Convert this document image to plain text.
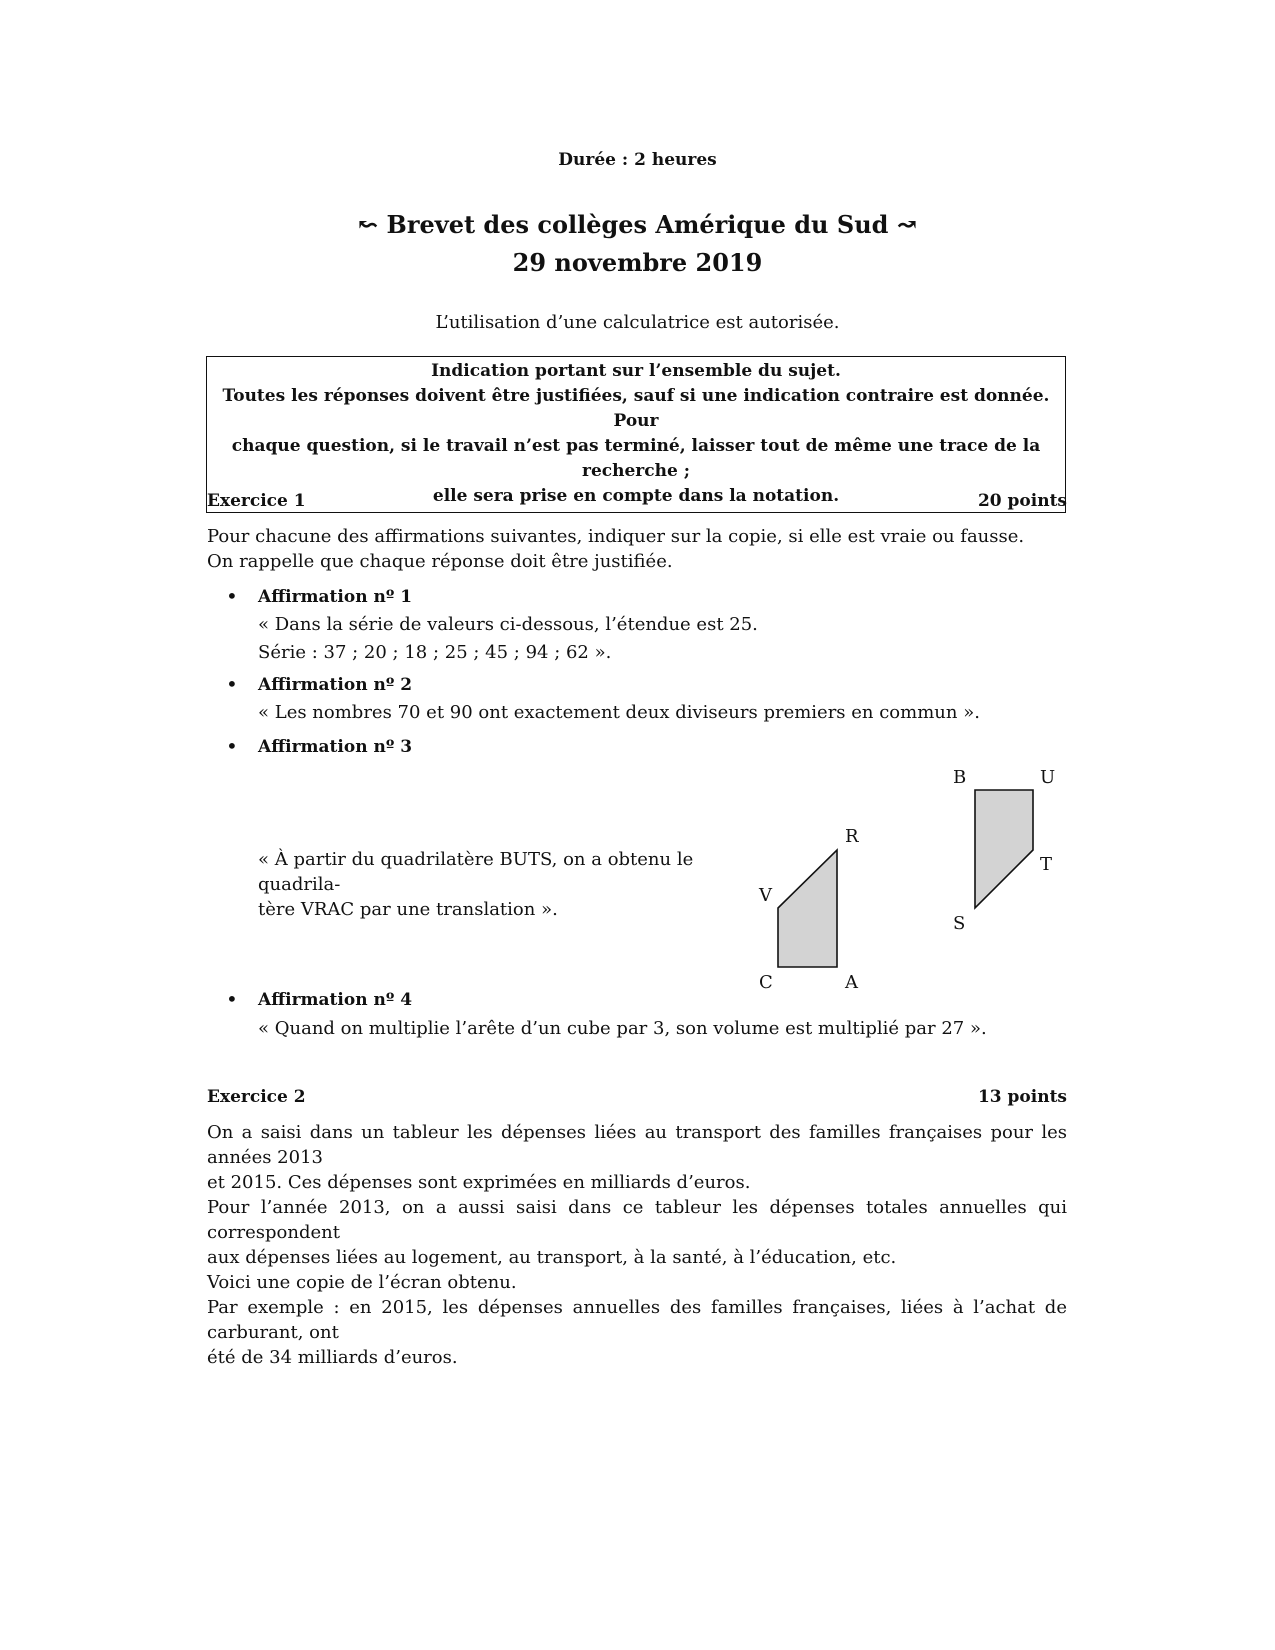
Durée : 2 heures
↜ Brevet des collèges Amérique du Sud ↝
29 novembre 2019
L’utilisation d’une calculatrice est autorisée.
Indication portant sur l’ensemble du sujet.
Toutes les réponses doivent être justifiées, sauf si une indication contraire est donnée. Pour
chaque question, si le travail n’est pas terminé, laisser tout de même une trace de la recherche ;
elle sera prise en compte dans la notation.
Exercice 1	20 points

Pour chacune des affirmations suivantes, indiquer sur la copie, si elle est vraie ou fausse.

On rappelle que chaque réponse doit être justifiée.

• Affirmation nº 1
« Dans la série de valeurs ci-dessous, l’étendue est 25.
Série : 37 ; 20 ; 18 ; 25 ; 45 ; 94 ; 62 ».
• Affirmation nº 2
« Les nombres 70 et 90 ont exactement deux diviseurs premiers en commun ».
• Affirmation nº 3
« À partir du quadrilatère BUTS, on a obtenu le quadrila-
tère VRAC par une translation ».
B	U
T
S
R
V
C	A
• Affirmation nº 4
« Quand on multiplie l’arête d’un cube par 3, son volume est multiplié par 27 ».
Exercice 2	13 points

On a saisi dans un tableur les dépenses liées au transport des familles françaises pour les années 2013

et 2015. Ces dépenses sont exprimées en milliards d’euros.

Pour l’année 2013, on a aussi saisi dans ce tableur les dépenses totales annuelles qui correspondent

aux dépenses liées au logement, au transport, à la santé, à l’éducation, etc.

Voici une copie de l’écran obtenu.

Par exemple : en 2015, les dépenses annuelles des familles françaises, liées à l’achat de carburant, ont

été de 34 milliards d’euros.
